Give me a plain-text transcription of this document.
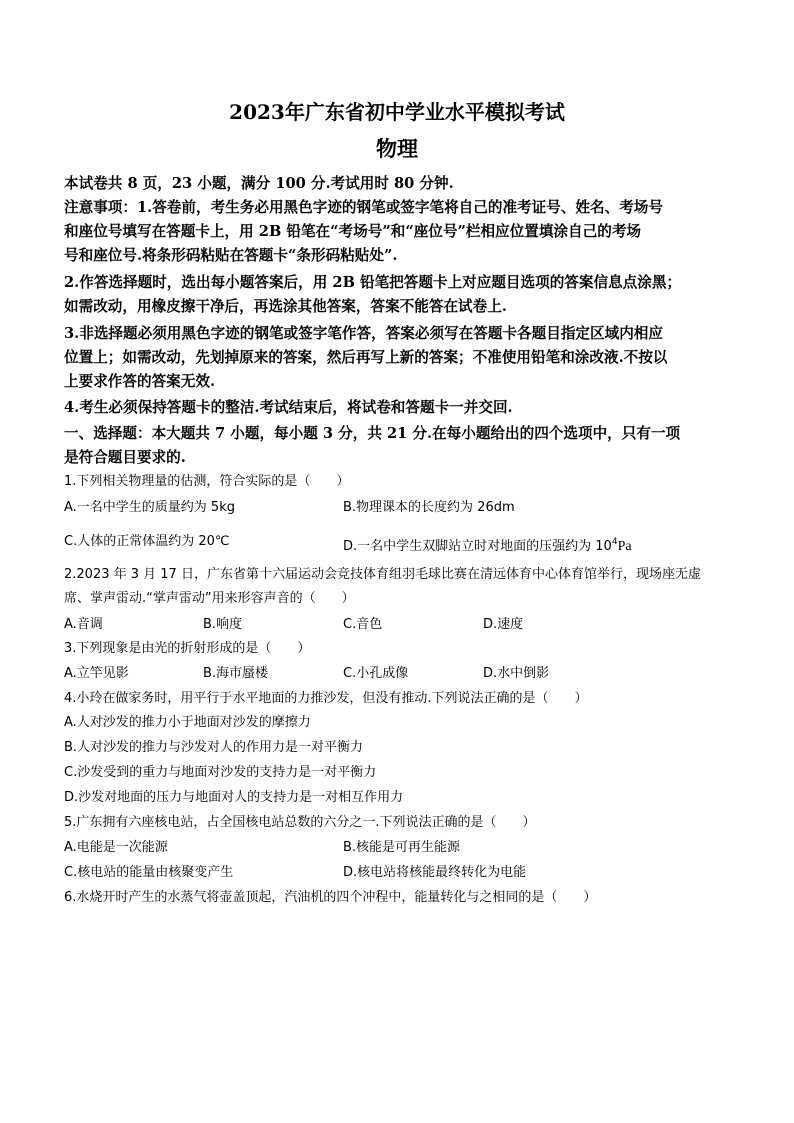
2023年广东省初中学业水平模拟考试
物理
本试卷共 8 页，23 小题，满分 100 分.考试用时 80 分钟.
注意事项：1.答卷前，考生务必用黑色字迹的钢笔或签字笔将自己的准考证号、姓名、考场号
和座位号填写在答题卡上，用 2B 铅笔在“考场号”和“座位号”栏相应位置填涂自己的考场
号和座位号.将条形码粘贴在答题卡“条形码粘贴处”.
2.作答选择题时，选出每小题答案后，用 2B 铅笔把答题卡上对应题目选项的答案信息点涂黑；
如需改动，用橡皮擦干净后，再选涂其他答案，答案不能答在试卷上.
3.非选择题必须用黑色字迹的钢笔或签字笔作答，答案必须写在答题卡各题目指定区域内相应
位置上；如需改动，先划掉原来的答案，然后再写上新的答案；不准使用铅笔和涂改液.不按以
上要求作答的答案无效.
4.考生必须保持答题卡的整洁.考试结束后，将试卷和答题卡一并交回.
一、选择题：本大题共 7 小题，每小题 3 分，共 21 分.在每小题给出的四个选项中，只有一项
是符合题目要求的.
1.下列相关物理量的估测，符合实际的是（　　）
A.一名中学生的质量约为 5kg	B.物理课本的长度约为 26dm
C.人体的正常体温约为 20℃	D.一名中学生双脚站立时对地面的压强约为 $10^4Pa$
2.2023 年 3 月 17 日，广东省第十六届运动会竞技体育组羽毛球比赛在清远体育中心体育馆举行，现场座无虚
席、掌声雷动.“掌声雷动”用来形容声音的（　　）
A.音调	B.响度	C.音色	D.速度
3.下列现象是由光的折射形成的是（　　）
A.立竿见影	B.海市蜃楼	C.小孔成像	D.水中倒影
4.小玲在做家务时，用平行于水平地面的力推沙发，但没有推动.下列说法正确的是（　　）
A.人对沙发的推力小于地面对沙发的摩擦力
B.人对沙发的推力与沙发对人的作用力是一对平衡力
C.沙发受到的重力与地面对沙发的支持力是一对平衡力
D.沙发对地面的压力与地面对人的支持力是一对相互作用力
5.广东拥有六座核电站，占全国核电站总数的六分之一.下列说法正确的是（　　）
A.电能是一次能源	B.核能是可再生能源
C.核电站的能量由核聚变产生	D.核电站将核能最终转化为电能
6.水烧开时产生的水蒸气将壶盖顶起，汽油机的四个冲程中，能量转化与之相同的是（　　）
